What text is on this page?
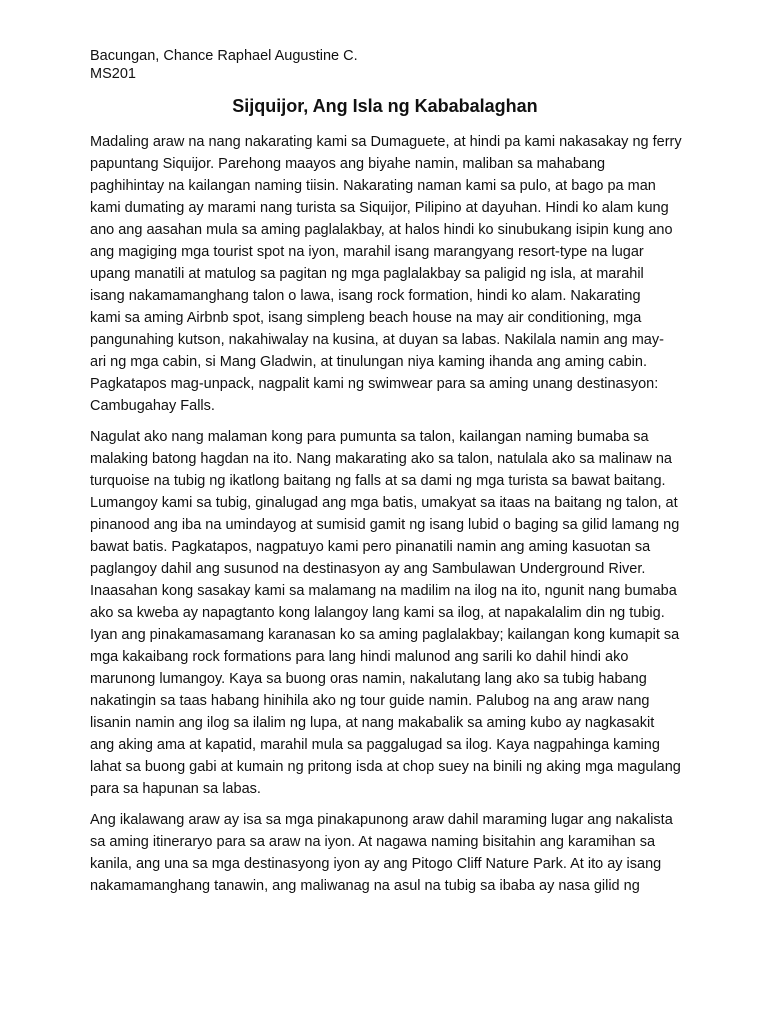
Bacungan, Chance Raphael Augustine C.
MS201
Sijquijor, Ang Isla ng Kababalaghan
Madaling araw na nang nakarating kami sa Dumaguete, at hindi pa kami nakasakay ng ferry
papuntang Siquijor. Parehong maayos ang biyahe namin, maliban sa mahabang
paghihintay na kailangan naming tiisin. Nakarating naman kami sa pulo, at bago pa man
kami dumating ay marami nang turista sa Siquijor, Pilipino at dayuhan. Hindi ko alam kung
ano ang aasahan mula sa aming paglalakbay, at halos hindi ko sinubukang isipin kung ano
ang magiging mga tourist spot na iyon, marahil isang marangyang resort-type na lugar
upang manatili at matulog sa pagitan ng mga paglalakbay sa paligid ng isla, at marahil
isang nakamamanghang talon o lawa, isang rock formation, hindi ko alam. Nakarating
kami sa aming Airbnb spot, isang simpleng beach house na may air conditioning, mga
pangunahing kutson, nakahiwalay na kusina, at duyan sa labas. Nakilala namin ang may-
ari ng mga cabin, si Mang Gladwin, at tinulungan niya kaming ihanda ang aming cabin.
Pagkatapos mag-unpack, nagpalit kami ng swimwear para sa aming unang destinasyon:
Cambugahay Falls.
Nagulat ako nang malaman kong para pumunta sa talon, kailangan naming bumaba sa
malaking batong hagdan na ito. Nang makarating ako sa talon, natulala ako sa malinaw na
turquoise na tubig ng ikatlong baitang ng falls at sa dami ng mga turista sa bawat baitang.
Lumangoy kami sa tubig, ginalugad ang mga batis, umakyat sa itaas na baitang ng talon, at
pinanood ang iba na umindayog at sumisid gamit ng isang lubid o baging sa gilid lamang ng
bawat batis. Pagkatapos, nagpatuyo kami pero pinanatili namin ang aming kasuotan sa
paglangoy dahil ang susunod na destinasyon ay ang Sambulawan Underground River.
Inaasahan kong sasakay kami sa malamang na madilim na ilog na ito, ngunit nang bumaba
ako sa kweba ay napagtanto kong lalangoy lang kami sa ilog, at napakalalim din ng tubig.
Iyan ang pinakamasamang karanasan ko sa aming paglalakbay; kailangan kong kumapit sa
mga kakaibang rock formations para lang hindi malunod ang sarili ko dahil hindi ako
marunong lumangoy. Kaya sa buong oras namin, nakalutang lang ako sa tubig habang
nakatingin sa taas habang hinihila ako ng tour guide namin. Palubog na ang araw nang
lisanin namin ang ilog sa ilalim ng lupa, at nang makabalik sa aming kubo ay nagkasakit
ang aking ama at kapatid, marahil mula sa paggalugad sa ilog. Kaya nagpahinga kaming
lahat sa buong gabi at kumain ng pritong isda at chop suey na binili ng aking mga magulang
para sa hapunan sa labas.
Ang ikalawang araw ay isa sa mga pinakapunong araw dahil maraming lugar ang nakalista
sa aming itineraryo para sa araw na iyon. At nagawa naming bisitahin ang karamihan sa
kanila, ang una sa mga destinasyong iyon ay ang Pitogo Cliff Nature Park. At ito ay isang
nakamamanghang tanawin, ang maliwanag na asul na tubig sa ibaba ay nasa gilid ng
